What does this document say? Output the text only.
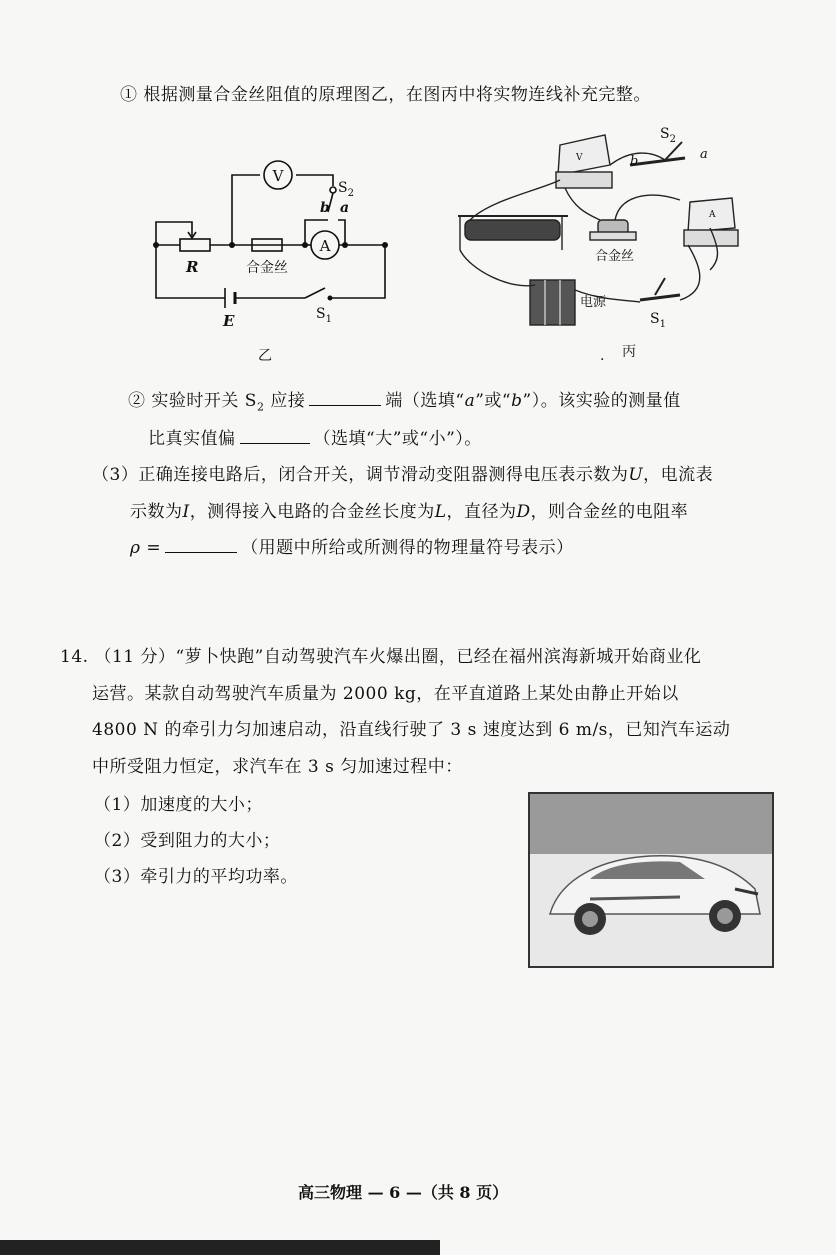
① 根据测量合金丝阻值的原理图乙，在图丙中将实物连线补充完整。
V
A
$S_2$
b a
R	合金丝
E	$S_1$
乙
V
A
$S_2$
b	a
合金丝
电源
$S_1$
. 丙
② 实验时开关 $S_2$ 应接	端（选填“a”或“b”）。该实验的测量值
比真实值偏	（选填“大”或“小”）。
（3）正确连接电路后，闭合开关，调节滑动变阻器测得电压表示数为U，电流表
示数为I，测得接入电路的合金丝长度为L，直径为D，则合金丝的电阻率
ρ =	（用题中所给或所测得的物理量符号表示）
14. （11 分）“萝卜快跑”自动驾驶汽车火爆出圈，已经在福州滨海新城开始商业化
运营。某款自动驾驶汽车质量为 2000 kg，在平直道路上某处由静止开始以
4800 N 的牵引力匀加速启动，沿直线行驶了 3 s 速度达到 6 m/s，已知汽车运动
中所受阻力恒定，求汽车在 3 s 匀加速过程中：
（1）加速度的大小；
（2）受到阻力的大小；
（3）牵引力的平均功率。
高三物理 — 6 —（共 8 页）
